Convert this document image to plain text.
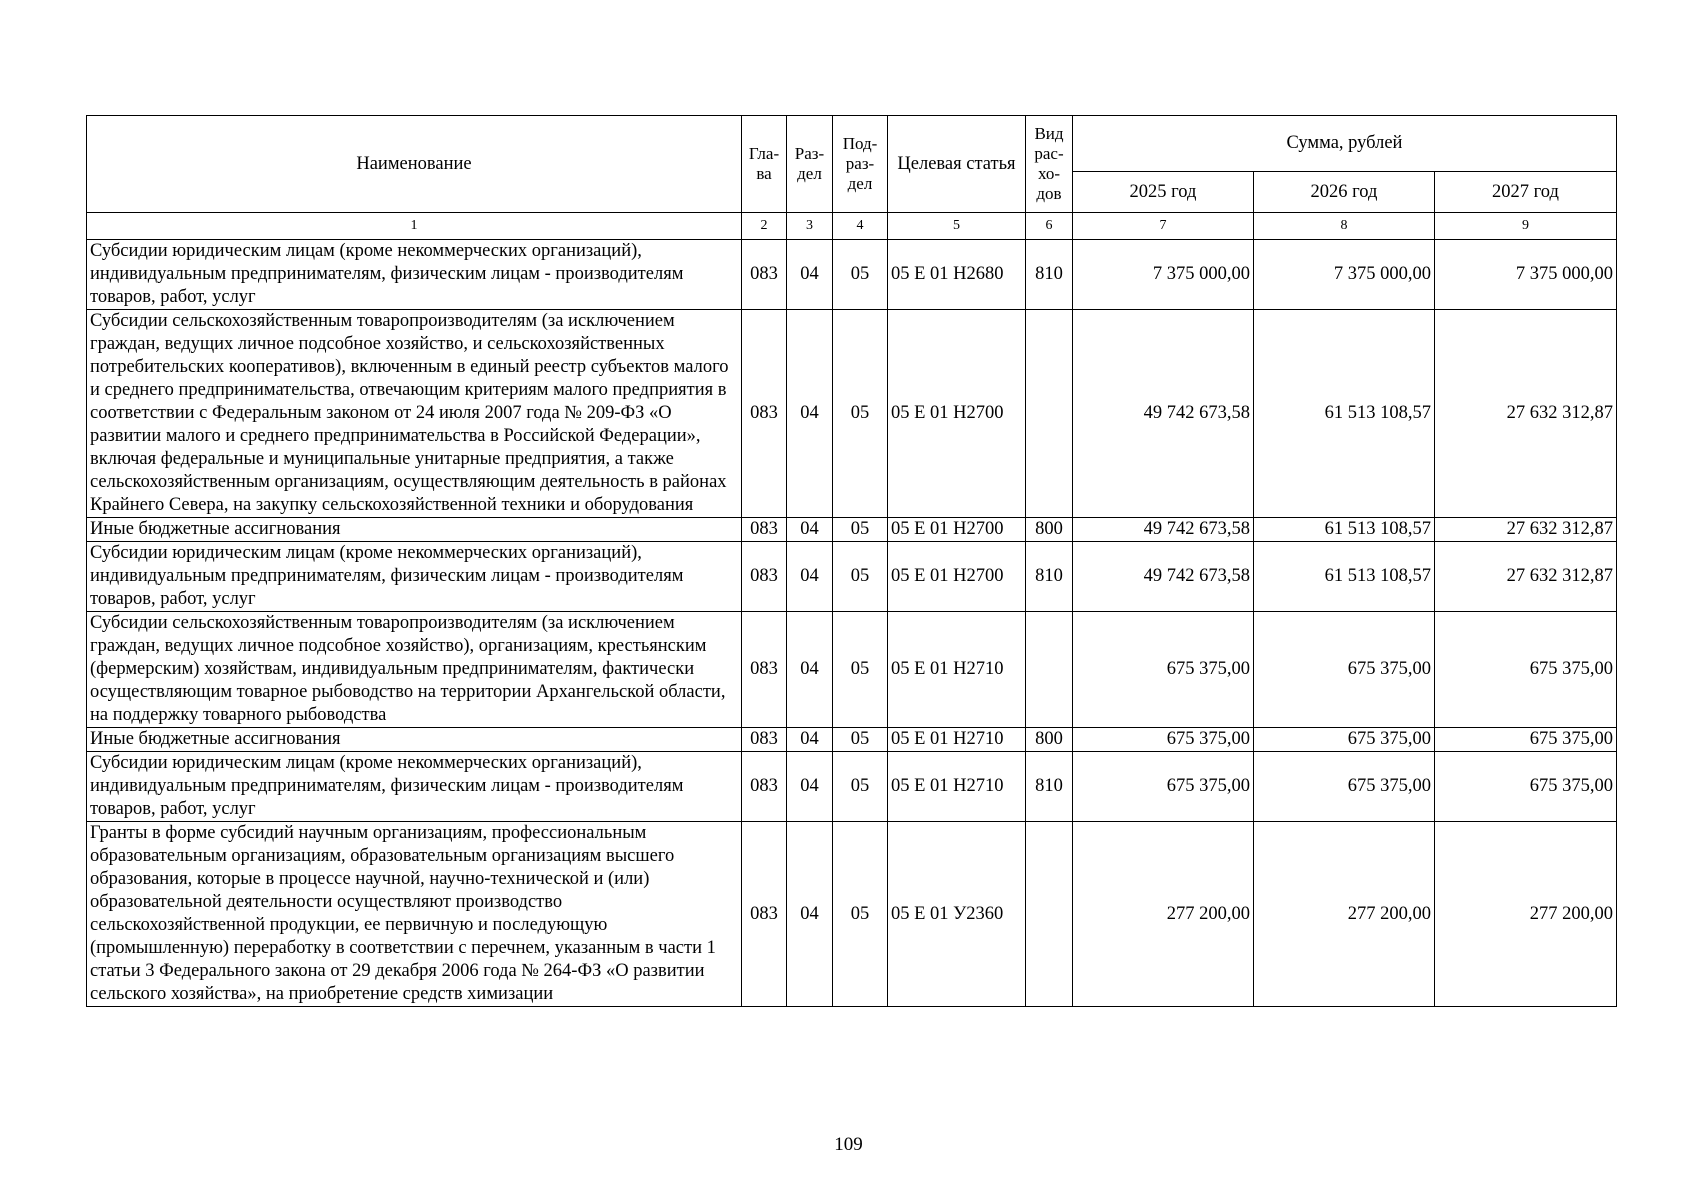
Наименование	Гла-ва	Раз-дел	Под-раз-дел	Целевая статья	Вид рас-хо-дов	Сумма, рублей		
						2025 год	2026 год	2027 год
1	2	3	4	5	6	7	8	9
Субсидии юридическим лицам (кроме некоммерческих организаций), индивидуальным предпринимателям, физическим лицам - производителям товаров, работ, услуг	083	04	05	05 Е 01 Н2680	810	7 375 000,00	7 375 000,00	7 375 000,00
Субсидии сельскохозяйственным товаропроизводителям (за исключением граждан, ведущих личное подсобное хозяйство, и сельскохозяйственных потребительских кооперативов), включенным в единый реестр субъектов малого и среднего предпринимательства, отвечающим критериям малого предприятия в соответствии с Федеральным законом от 24 июля 2007 года № 209-ФЗ «О развитии малого и среднего предпринимательства в Российской Федерации», включая федеральные и муниципальные унитарные предприятия, а также сельскохозяйственным организациям, осуществляющим деятельность в районах Крайнего Севера, на закупку сельскохозяйственной техники и оборудования	083	04	05	05 Е 01 Н2700		49 742 673,58	61 513 108,57	27 632 312,87
Иные бюджетные ассигнования	083	04	05	05 Е 01 Н2700	800	49 742 673,58	61 513 108,57	27 632 312,87
Субсидии юридическим лицам (кроме некоммерческих организаций), индивидуальным предпринимателям, физическим лицам - производителям товаров, работ, услуг	083	04	05	05 Е 01 Н2700	810	49 742 673,58	61 513 108,57	27 632 312,87
Субсидии сельскохозяйственным товаропроизводителям (за исключением граждан, ведущих личное подсобное хозяйство), организациям, крестьянским (фермерским) хозяйствам, индивидуальным предпринимателям, фактически осуществляющим товарное рыбоводство на территории Архангельской области, на поддержку товарного рыбоводства	083	04	05	05 Е 01 Н2710		675 375,00	675 375,00	675 375,00
Иные бюджетные ассигнования	083	04	05	05 Е 01 Н2710	800	675 375,00	675 375,00	675 375,00
Субсидии юридическим лицам (кроме некоммерческих организаций), индивидуальным предпринимателям, физическим лицам - производителям товаров, работ, услуг	083	04	05	05 Е 01 Н2710	810	675 375,00	675 375,00	675 375,00
Гранты в форме субсидий научным организациям, профессиональным образовательным организациям, образовательным организациям высшего образования, которые в процессе научной, научно-технической и (или) образовательной деятельности осуществляют производство сельскохозяйственной продукции, ее первичную и последующую (промышленную) переработку в соответствии с перечнем, указанным в части 1 статьи 3 Федерального закона от 29 декабря 2006 года № 264-ФЗ «О развитии сельского хозяйства», на приобретение средств химизации	083	04	05	05 Е 01 У2360		277 200,00	277 200,00	277 200,00
109
